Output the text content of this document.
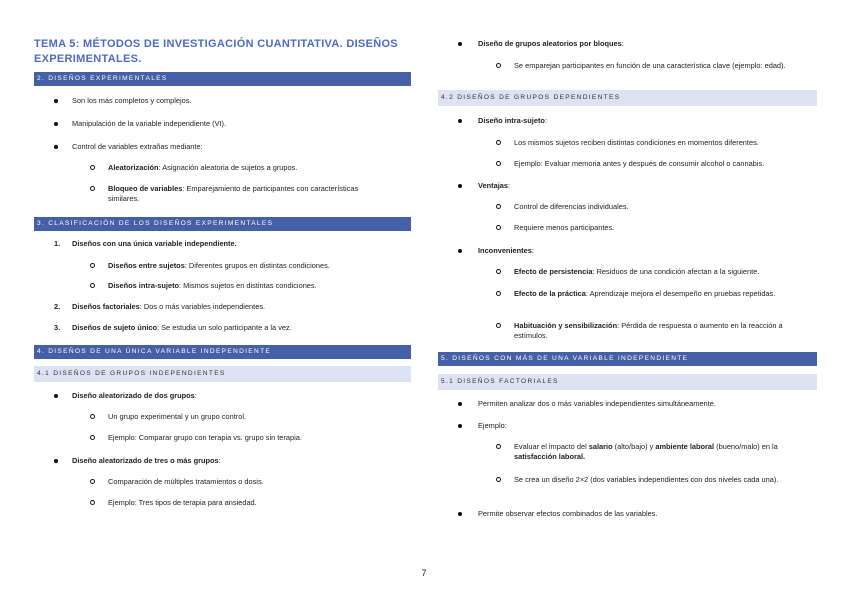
TEMA 5: MÉTODOS DE INVESTIGACIÓN CUANTITATIVA. DISEÑOS EXPERIMENTALES.
2. DISEÑOS EXPERIMENTALES
Son los más completos y complejos.
Manipulación de la variable independiente (VI).
Control de variables extrañas mediante:
Aleatorización: Asignación aleatoria de sujetos a grupos.
Bloqueo de variables: Emparejamiento de participantes con características similares.
3. CLASIFICACIÓN DE LOS DISEÑOS EXPERIMENTALES
1. Diseños con una única variable independiente.
Diseños entre sujetos: Diferentes grupos en distintas condiciones.
Diseños intra-sujeto: Mismos sujetos en distintas condiciones.
2. Diseños factoriales: Dos o más variables independientes.
3. Diseños de sujeto único: Se estudia un solo participante a la vez.
4. DISEÑOS DE UNA ÚNICA VARIABLE INDEPENDIENTE
4.1 DISEÑOS DE GRUPOS INDEPENDIENTES
Diseño aleatorizado de dos grupos:
Un grupo experimental y un grupo control.
Ejemplo: Comparar grupo con terapia vs. grupo sin terapia.
Diseño aleatorizado de tres o más grupos:
Comparación de múltiples tratamientos o dosis.
Ejemplo: Tres tipos de terapia para ansiedad.
Diseño de grupos aleatorios por bloques:
Se emparejan participantes en función de una característica clave (ejemplo: edad).
4.2 DISEÑOS DE GRUPOS DEPENDIENTES
Diseño intra-sujeto:
Los mismos sujetos reciben distintas condiciones en momentos diferentes.
Ejemplo: Evaluar memoria antes y después de consumir alcohol o cannabis.
Ventajas:
Control de diferencias individuales.
Requiere menos participantes.
Inconvenientes:
Efecto de persistencia: Residuos de una condición afectan a la siguiente.
Efecto de la práctica: Aprendizaje mejora el desempeño en pruebas repetidas.
Habituación y sensibilización: Pérdida de respuesta o aumento en la reacción a estímulos.
5. DISEÑOS CON MÁS DE UNA VARIABLE INDEPENDIENTE
5.1 DISEÑOS FACTORIALES
Permiten analizar dos o más variables independientes simultáneamente.
Ejemplo:
Evaluar el impacto del salario (alto/bajo) y ambiente laboral (bueno/malo) en la satisfacción laboral.
Se crea un diseño 2×2 (dos variables independientes con dos niveles cada una).
Permite observar efectos combinados de las variables.
7
